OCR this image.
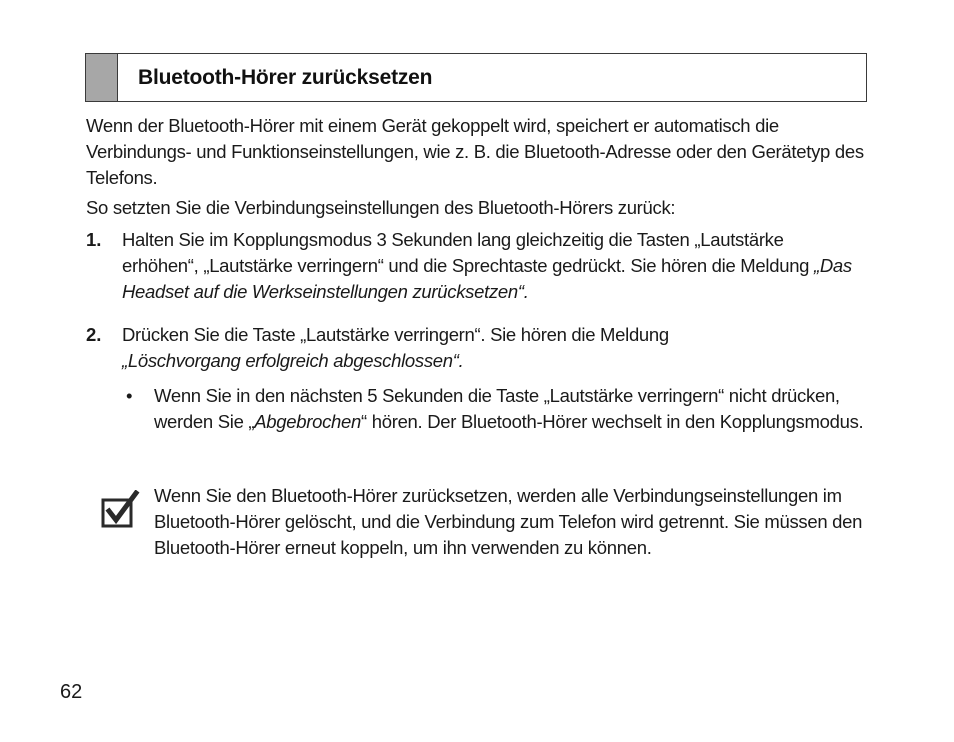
Bluetooth-Hörer zurücksetzen
Wenn der Bluetooth-Hörer mit einem Gerät gekoppelt wird, speichert er automatisch die Verbindungs- und Funktionseinstellungen, wie z. B. die Bluetooth-Adresse oder den Gerätetyp des Telefons.
So setzten Sie die Verbindungseinstellungen des Bluetooth-Hörers zurück:
1. Halten Sie im Kopplungsmodus 3 Sekunden lang gleichzeitig die Tasten „Lautstärke erhöhen“, „Lautstärke verringern“ und die Sprechtaste gedrückt. Sie hören die Meldung „Das Headset auf die Werkseinstellungen zurücksetzen“.
2. Drücken Sie die Taste „Lautstärke verringern“. Sie hören die Meldung
„Löschvorgang erfolgreich abgeschlossen“.
• Wenn Sie in den nächsten 5 Sekunden die Taste „Lautstärke verringern“ nicht drücken, werden Sie „Abgebrochen“ hören. Der Bluetooth-Hörer wechselt in den Kopplungsmodus.
Wenn Sie den Bluetooth-Hörer zurücksetzen, werden alle Verbindungseinstellungen im Bluetooth-Hörer gelöscht, und die Verbindung zum Telefon wird getrennt. Sie müssen den Bluetooth-Hörer erneut koppeln, um ihn verwenden zu können.
62
